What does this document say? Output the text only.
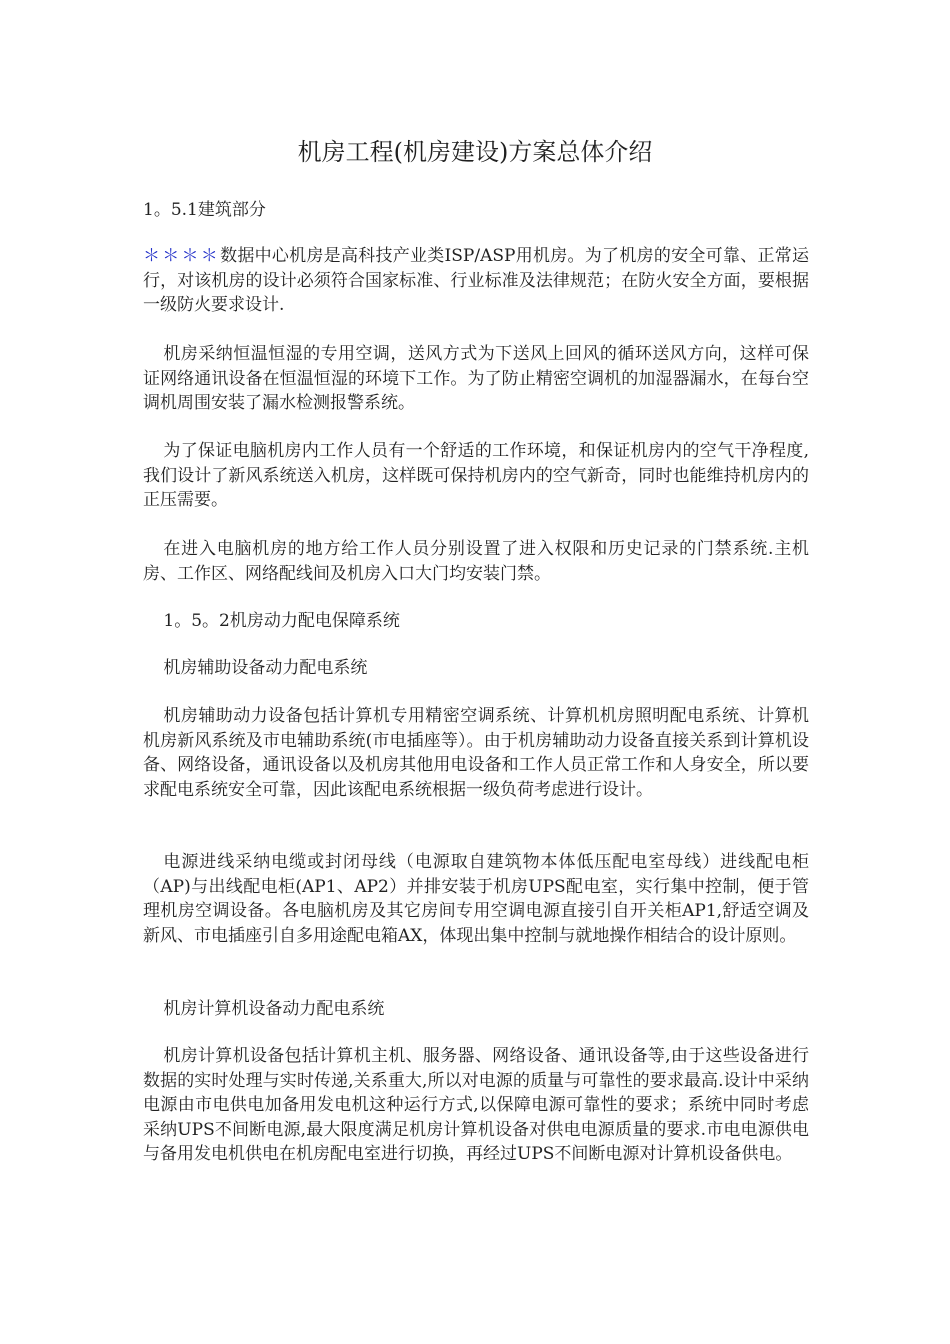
机房工程(机房建设)方案总体介绍

1。5.1建筑部分

＊＊＊＊数据中心机房是高科技产业类ISP/ASP用机房。为了机房的安全可靠、正常运行，对该机房的设计必须符合国家标准、行业标准及法律规范；在防火安全方面，要根据一级防火要求设计.

机房采纳恒温恒湿的专用空调，送风方式为下送风上回风的循环送风方向，这样可保证网络通讯设备在恒温恒湿的环境下工作。为了防止精密空调机的加湿器漏水，在每台空调机周围安装了漏水检测报警系统。

为了保证电脑机房内工作人员有一个舒适的工作环境，和保证机房内的空气干净程度,我们设计了新风系统送入机房，这样既可保持机房内的空气新奇，同时也能维持机房内的正压需要。

在进入电脑机房的地方给工作人员分别设置了进入权限和历史记录的门禁系统.主机房、工作区、网络配线间及机房入口大门均安装门禁。

1。5。2机房动力配电保障系统

机房辅助设备动力配电系统

机房辅助动力设备包括计算机专用精密空调系统、计算机机房照明配电系统、计算机机房新风系统及市电辅助系统(市电插座等）。由于机房辅助动力设备直接关系到计算机设备、网络设备，通讯设备以及机房其他用电设备和工作人员正常工作和人身安全，所以要求配电系统安全可靠，因此该配电系统根据一级负荷考虑进行设计。

电源进线采纳电缆或封闭母线（电源取自建筑物本体低压配电室母线）进线配电柜（AP)与出线配电柜(AP1、AP2）并排安装于机房UPS配电室，实行集中控制，便于管理机房空调设备。各电脑机房及其它房间专用空调电源直接引自开关柜AP1,舒适空调及新风、市电插座引自多用途配电箱AX，体现出集中控制与就地操作相结合的设计原则。

机房计算机设备动力配电系统

机房计算机设备包括计算机主机、服务器、网络设备、通讯设备等,由于这些设备进行数据的实时处理与实时传递,关系重大,所以对电源的质量与可靠性的要求最高.设计中采纳电源由市电供电加备用发电机这种运行方式,以保障电源可靠性的要求；系统中同时考虑采纳UPS不间断电源,最大限度满足机房计算机设备对供电电源质量的要求.市电电源供电与备用发电机供电在机房配电室进行切换，再经过UPS不间断电源对计算机设备供电。
